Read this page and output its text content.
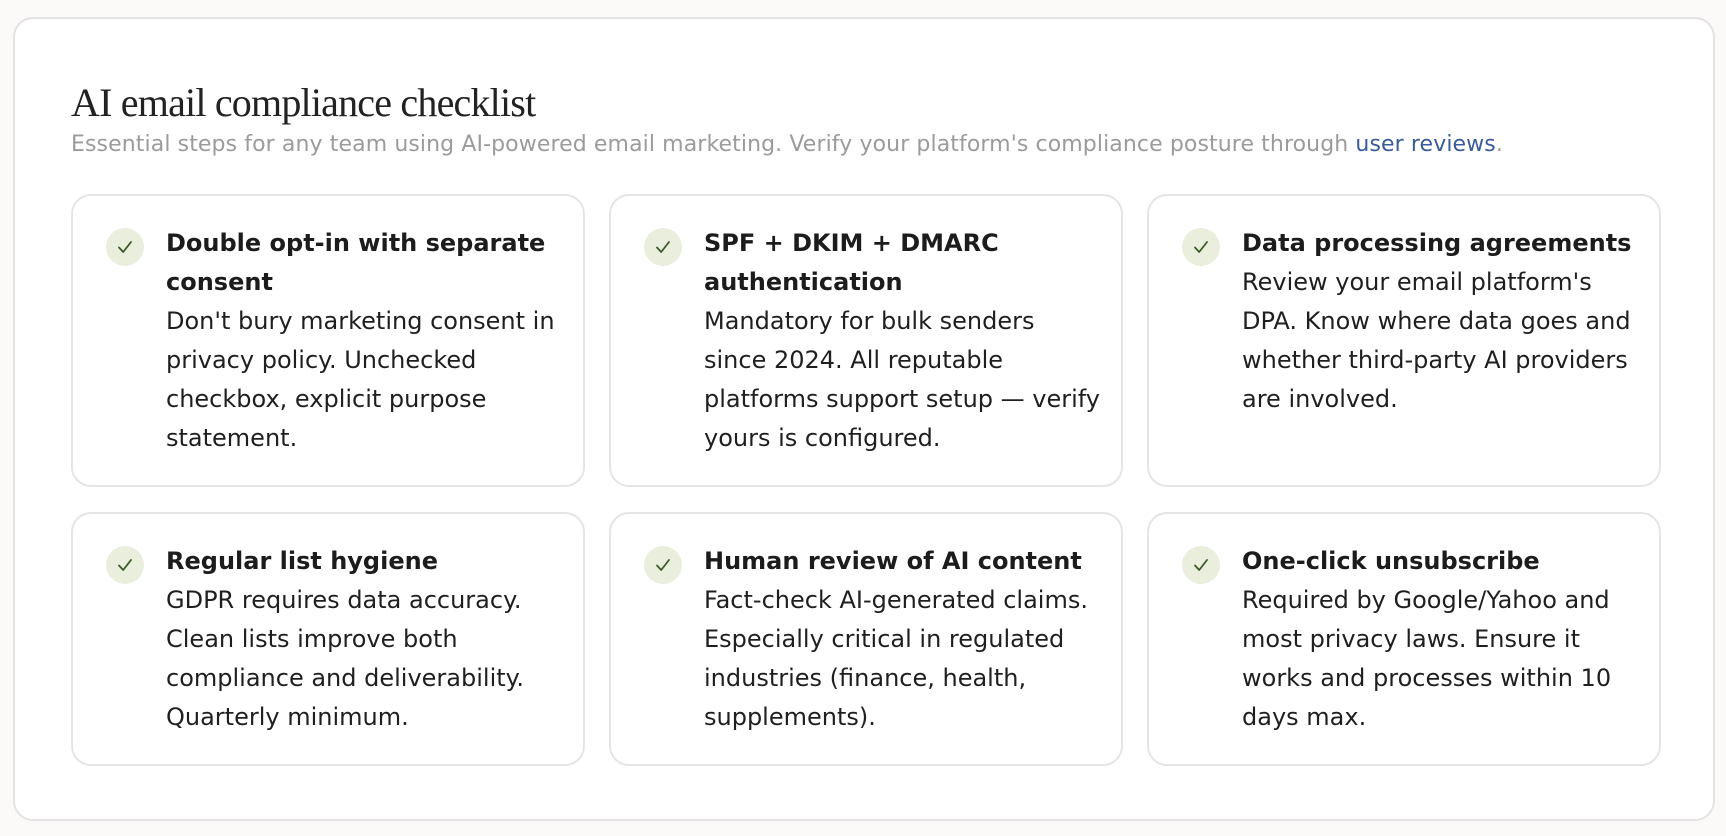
AI email compliance checklist

Essential steps for any team using AI-powered email marketing. Verify your platform's compliance posture through user reviews.

Double opt-in with separate consent
Don't bury marketing consent in privacy policy. Unchecked checkbox, explicit purpose statement.
SPF + DKIM + DMARC authentication
Mandatory for bulk senders since 2024. All reputable platforms support setup — verify yours is configured.
Data processing agreements
Review your email platform's DPA. Know where data goes and whether third-party AI providers are involved.
Regular list hygiene
GDPR requires data accuracy. Clean lists improve both compliance and deliverability. Quarterly minimum.
Human review of AI content
Fact-check AI-generated claims. Especially critical in regulated industries (finance, health, supplements).
One-click unsubscribe
Required by Google/Yahoo and most privacy laws. Ensure it works and processes within 10 days max.
